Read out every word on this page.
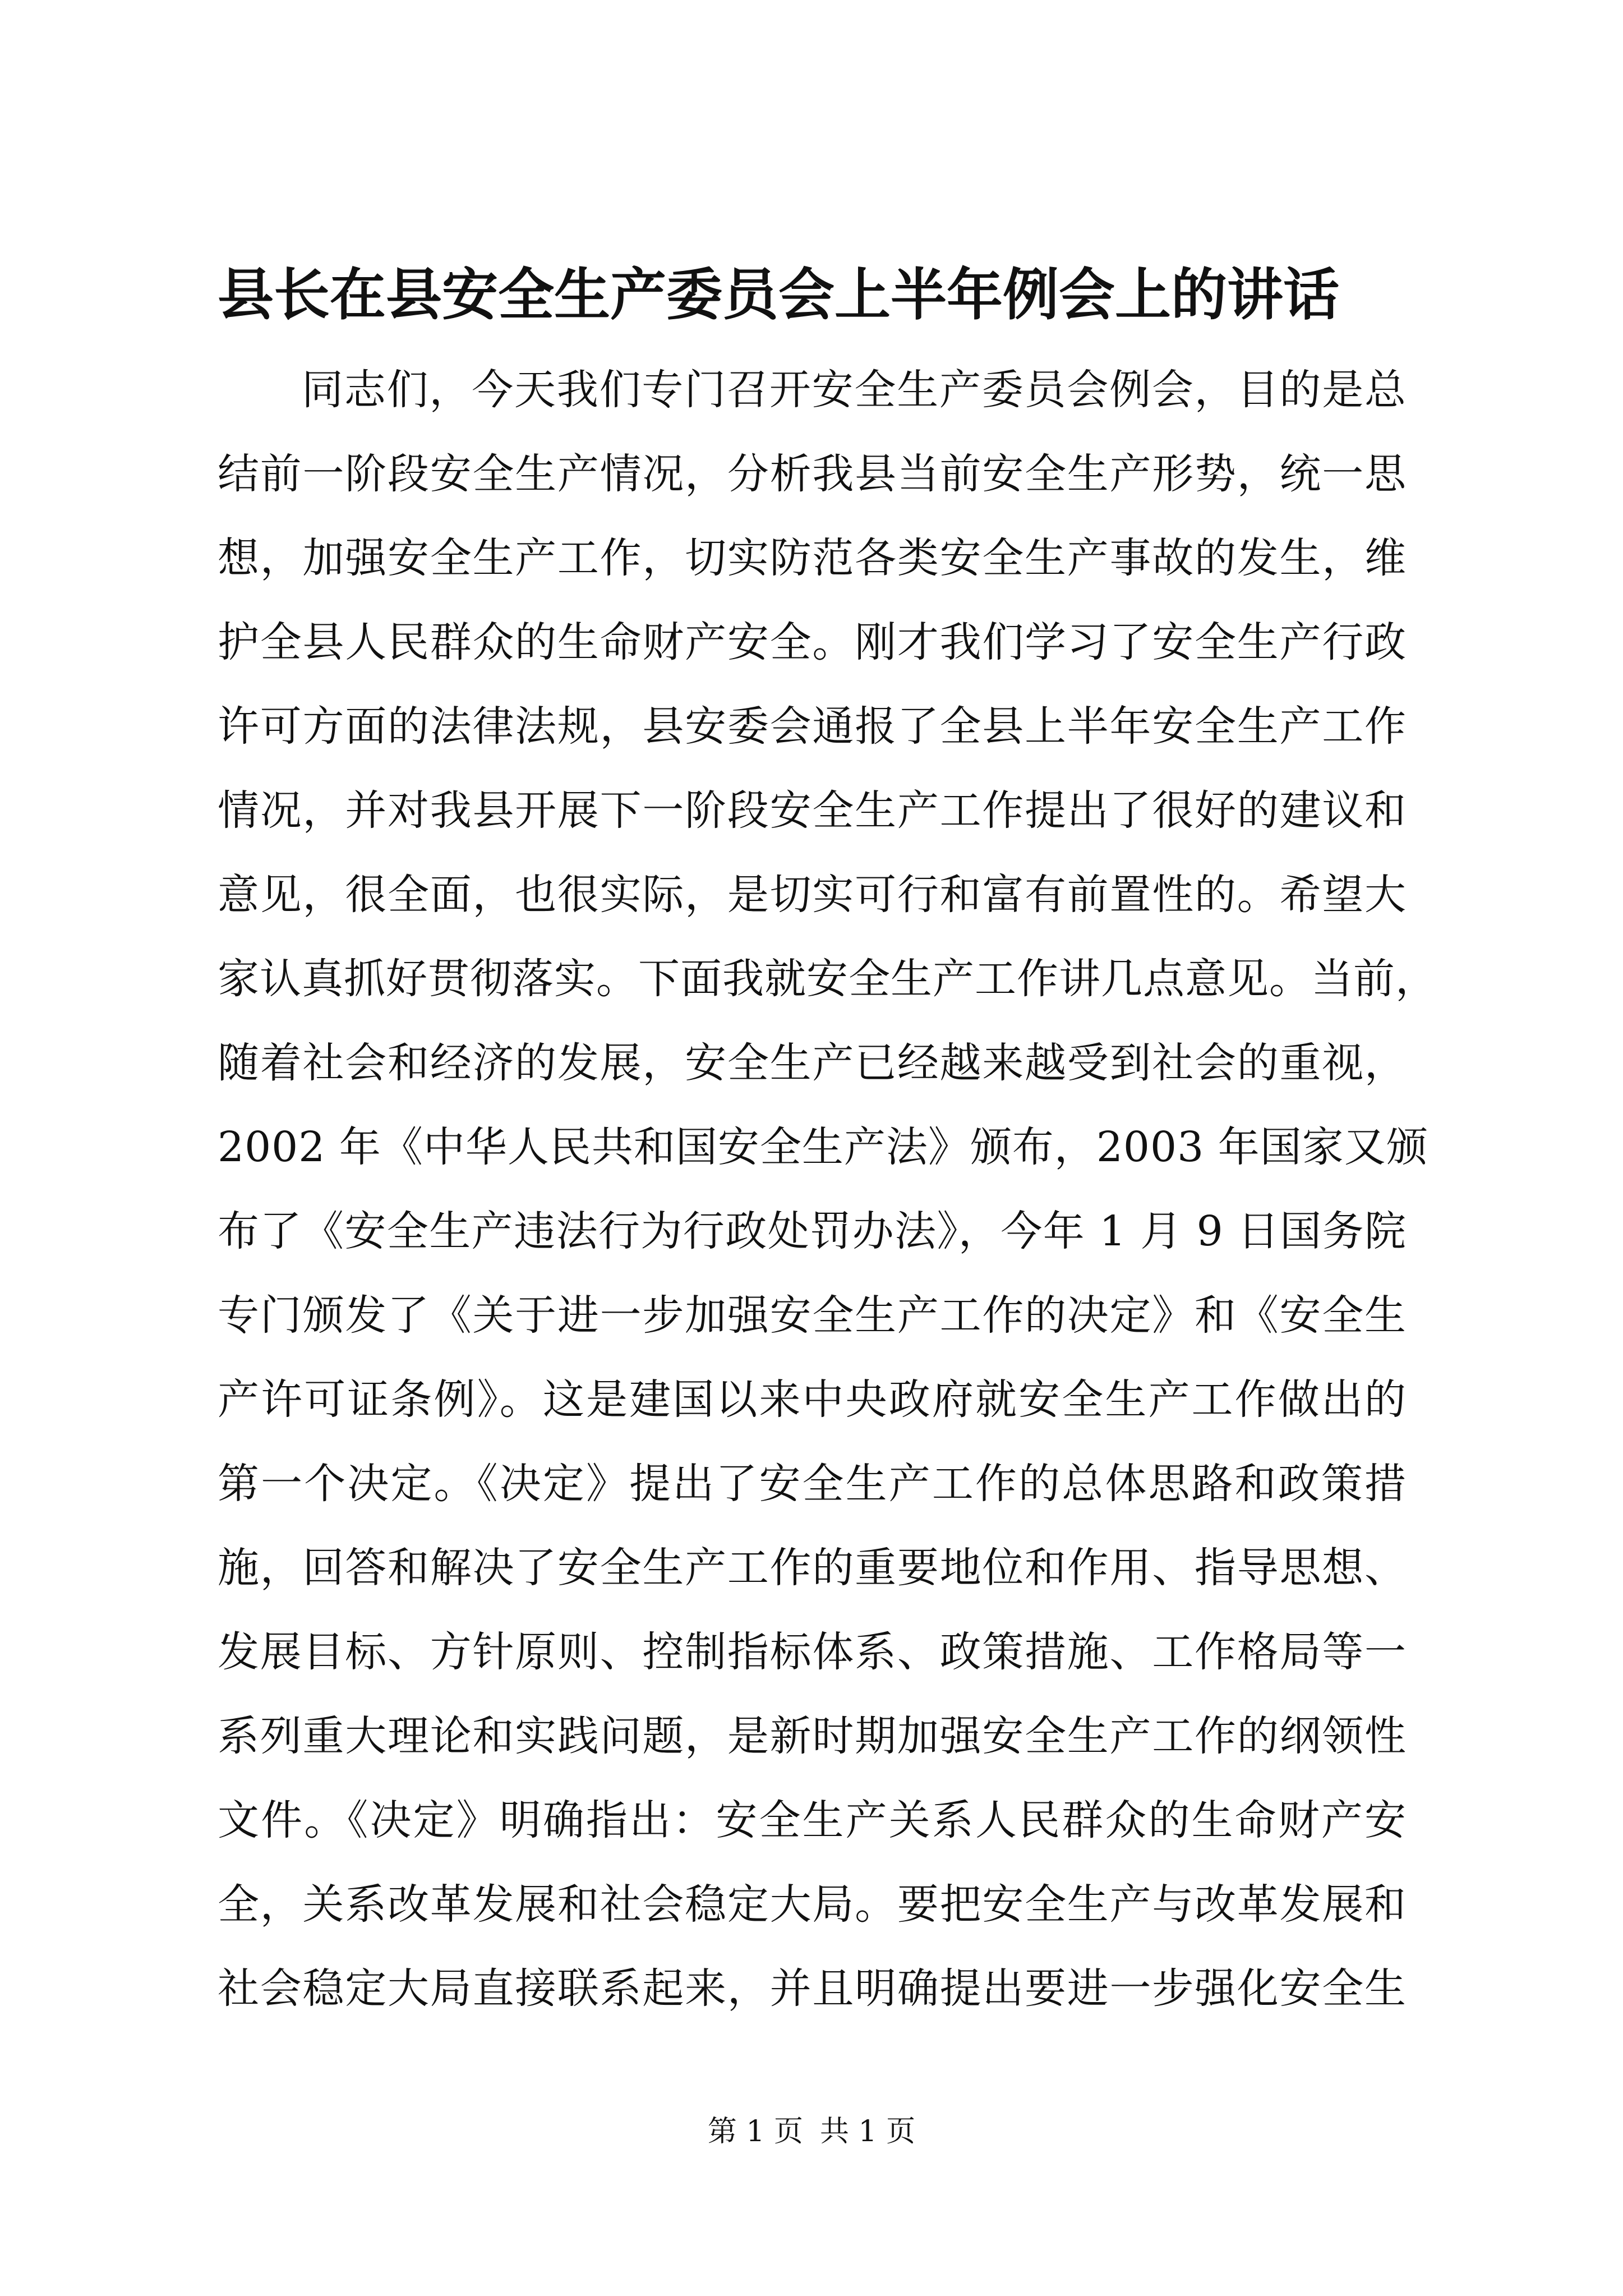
县长在县安全生产委员会上半年例会上的讲话
同志们，今天我们专门召开安全生产委员会例会，目的是总
结前一阶段安全生产情况，分析我县当前安全生产形势，统一思
想，加强安全生产工作，切实防范各类安全生产事故的发生，维
护全县人民群众的生命财产安全。刚才我们学习了安全生产行政
许可方面的法律法规，县安委会通报了全县上半年安全生产工作
情况，并对我县开展下一阶段安全生产工作提出了很好的建议和
意见，很全面，也很实际，是切实可行和富有前置性的。希望大
家认真抓好贯彻落实。下面我就安全生产工作讲几点意见。当前，
随着社会和经济的发展，安全生产已经越来越受到社会的重视，
2002 年《中华人民共和国安全生产法》颁布，2003 年国家又颁
布了《安全生产违法行为行政处罚办法》，今年 1 月 9 日国务院
专门颁发了《关于进一步加强安全生产工作的决定》和《安全生
产许可证条例》。这是建国以来中央政府就安全生产工作做出的
第一个决定。《决定》提出了安全生产工作的总体思路和政策措
施，回答和解决了安全生产工作的重要地位和作用、指导思想、
发展目标、方针原则、控制指标体系、政策措施、工作格局等一
系列重大理论和实践问题，是新时期加强安全生产工作的纲领性
文件。《决定》明确指出：安全生产关系人民群众的生命财产安
全，关系改革发展和社会稳定大局。要把安全生产与改革发展和
社会稳定大局直接联系起来，并且明确提出要进一步强化安全生
第 1 页 共 1 页
